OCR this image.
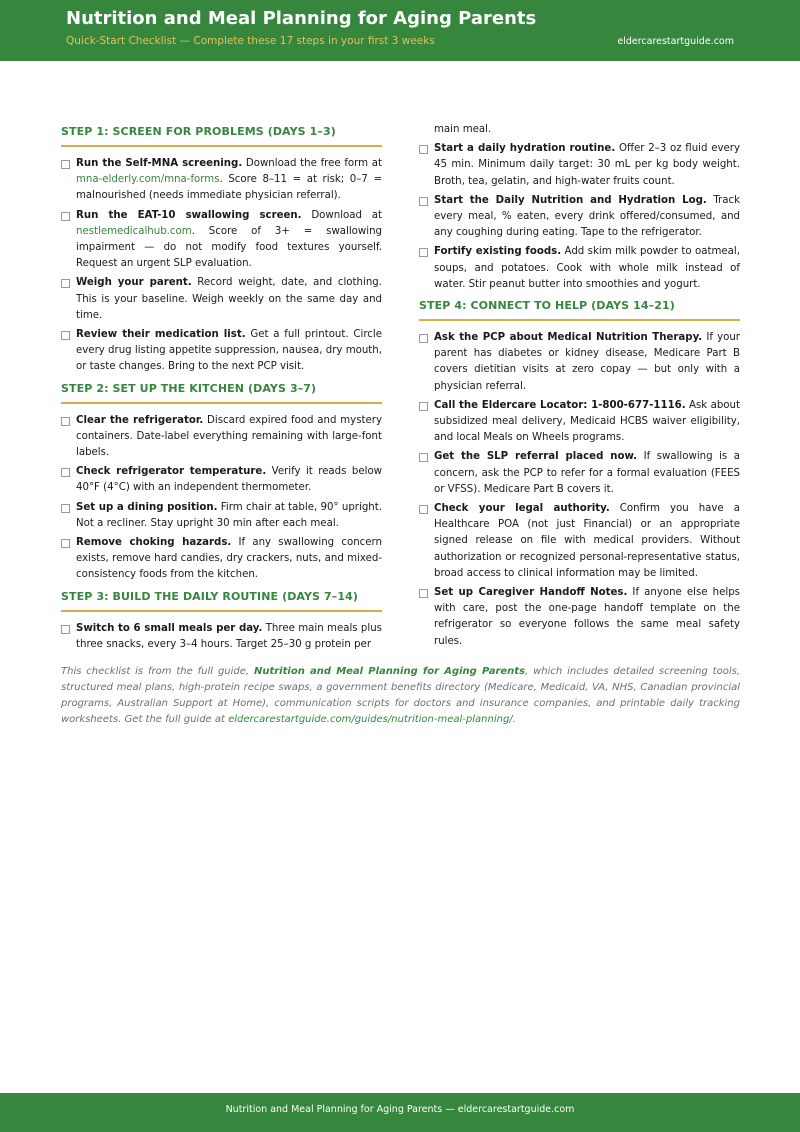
Nutrition and Meal Planning for Aging Parents
Quick-Start Checklist — Complete these 17 steps in your first 3 weeks	eldercarestartguide.com
STEP 1: SCREEN FOR PROBLEMS (DAYS 1–3)
Run the Self-MNA screening. Download the free form at mna-elderly.com/mna-forms. Score 8–11 = at risk; 0–7 = malnourished (needs immediate physician referral).
Run the EAT-10 swallowing screen. Download at nestlemedicalhub.com. Score of 3+ = swallowing impairment — do not modify food textures yourself. Request an urgent SLP evaluation.
Weigh your parent. Record weight, date, and clothing. This is your baseline. Weigh weekly on the same day and time.
Review their medication list. Get a full printout. Circle every drug listing appetite suppression, nausea, dry mouth, or taste changes. Bring to the next PCP visit.
STEP 2: SET UP THE KITCHEN (DAYS 3–7)
Clear the refrigerator. Discard expired food and mystery containers. Date-label everything remaining with large-font labels.
Check refrigerator temperature. Verify it reads below 40°F (4°C) with an independent thermometer.
Set up a dining position. Firm chair at table, 90° upright. Not a recliner. Stay upright 30 min after each meal.
Remove choking hazards. If any swallowing concern exists, remove hard candies, dry crackers, nuts, and mixed-consistency foods from the kitchen.
STEP 3: BUILD THE DAILY ROUTINE (DAYS 7–14)
Switch to 6 small meals per day. Three main meals plus three snacks, every 3–4 hours. Target 25–30 g protein per
main meal.
Start a daily hydration routine. Offer 2–3 oz fluid every 45 min. Minimum daily target: 30 mL per kg body weight. Broth, tea, gelatin, and high-water fruits count.
Start the Daily Nutrition and Hydration Log. Track every meal, % eaten, every drink offered/consumed, and any coughing during eating. Tape to the refrigerator.
Fortify existing foods. Add skim milk powder to oatmeal, soups, and potatoes. Cook with whole milk instead of water. Stir peanut butter into smoothies and yogurt.
STEP 4: CONNECT TO HELP (DAYS 14–21)
Ask the PCP about Medical Nutrition Therapy. If your parent has diabetes or kidney disease, Medicare Part B covers dietitian visits at zero copay — but only with a physician referral.
Call the Eldercare Locator: 1-800-677-1116. Ask about subsidized meal delivery, Medicaid HCBS waiver eligibility, and local Meals on Wheels programs.
Get the SLP referral placed now. If swallowing is a concern, ask the PCP to refer for a formal evaluation (FEES or VFSS). Medicare Part B covers it.
Check your legal authority. Confirm you have a Healthcare POA (not just Financial) or an appropriate signed release on file with medical providers. Without authorization or recognized personal-representative status, broad access to clinical information may be limited.
Set up Caregiver Handoff Notes. If anyone else helps with care, post the one-page handoff template on the refrigerator so everyone follows the same meal safety rules.
This checklist is from the full guide, Nutrition and Meal Planning for Aging Parents, which includes detailed screening tools, structured meal plans, high-protein recipe swaps, a government benefits directory (Medicare, Medicaid, VA, NHS, Canadian provincial programs, Australian Support at Home), communication scripts for doctors and insurance companies, and printable daily tracking worksheets. Get the full guide at eldercarestartguide.com/guides/nutrition-meal-planning/.
Nutrition and Meal Planning for Aging Parents — eldercarestartguide.com
